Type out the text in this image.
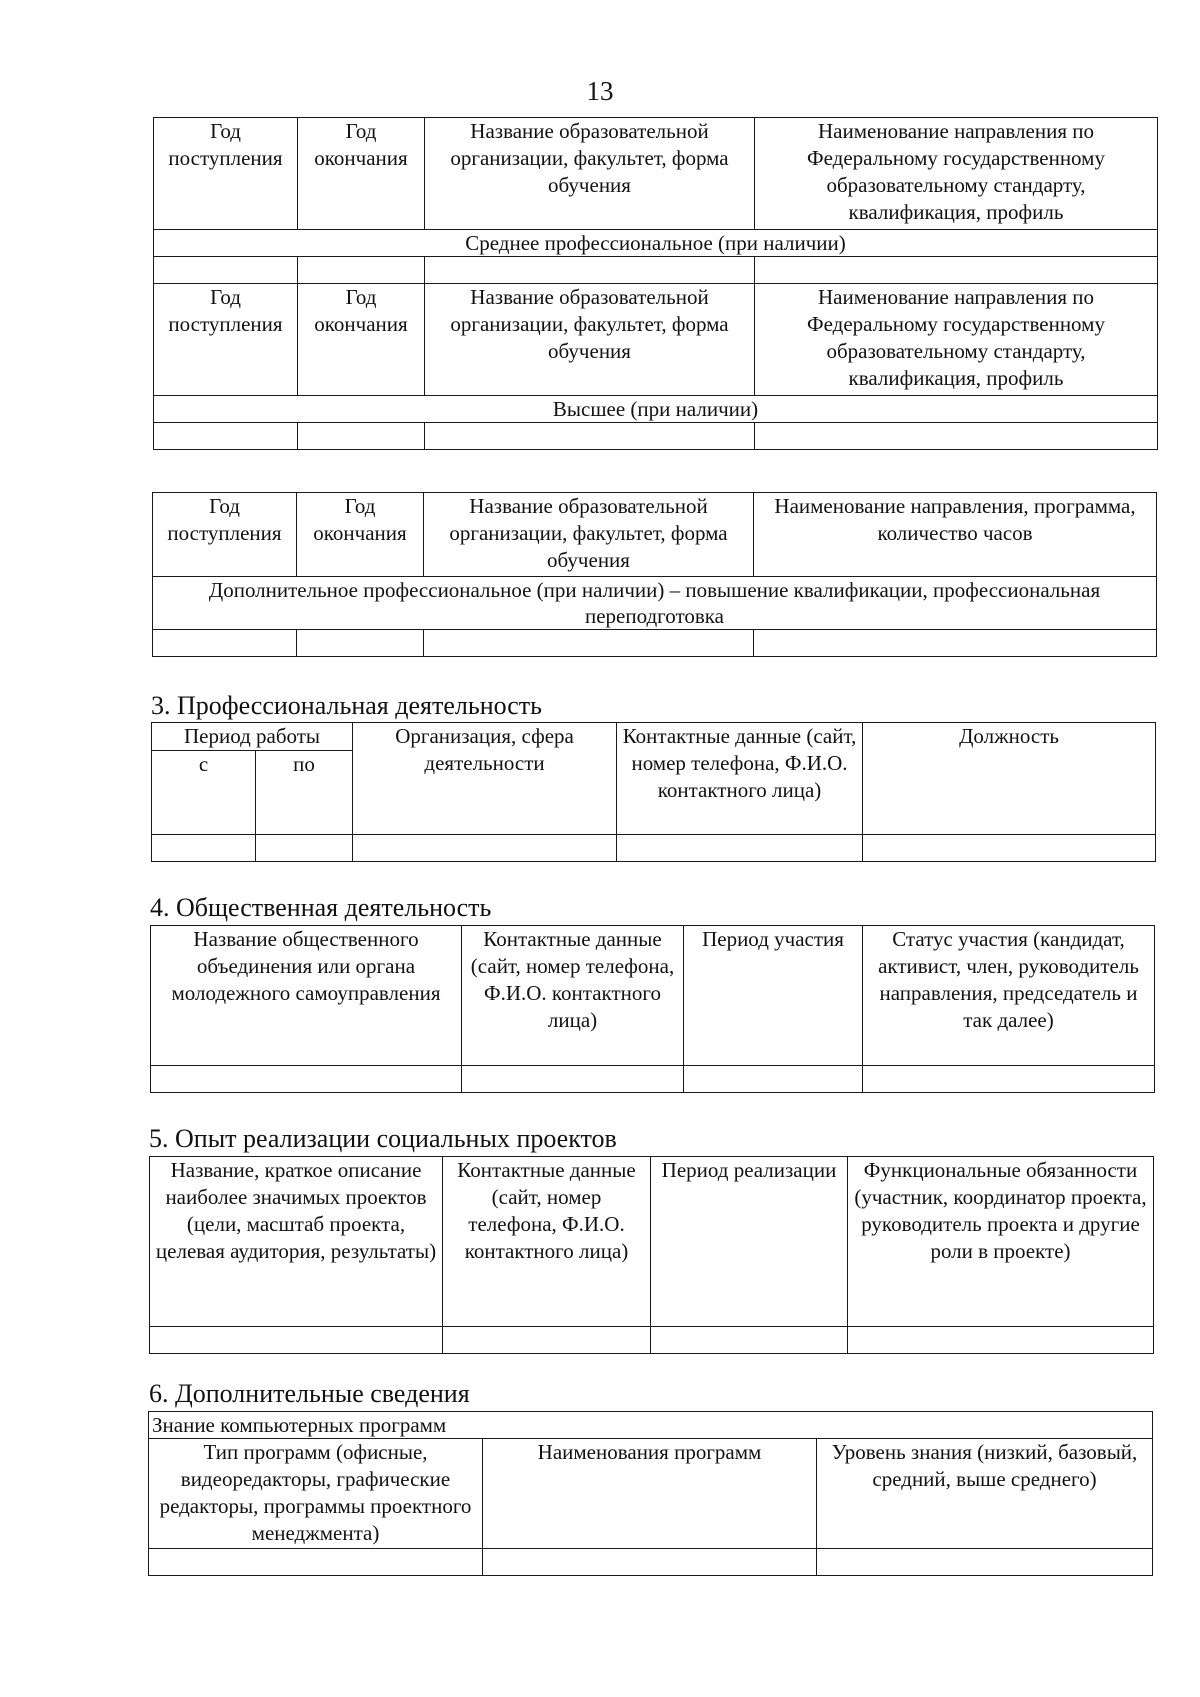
13
Год поступления	Год окончания	Название образовательной организации, факультет, форма обучения	Наименование направления по Федеральному государственному образовательному стандарту, квалификация, профиль
Среднее профессиональное (при наличии)			

Год поступления	Год окончания	Название образовательной организации, факультет, форма обучения	Наименование направления по Федеральному государственному образовательному стандарту, квалификация, профиль
Высшее (при наличии)			

Год поступления	Год окончания	Название образовательной организации, факультет, форма обучения	Наименование направления, программа, количество часов
Дополнительное профессиональное (при наличии) – повышение квалификации, профессиональная переподготовка			

3. Профессиональная деятельность
Период работы		Организация, сфера деятельности	Контактные данные (сайт, номер телефона, Ф.И.О. контактного лица)	Должность
с	по			

4. Общественная деятельность
Название общественного объединения или органа молодежного самоуправления	Контактные данные (сайт, номер телефона, Ф.И.О. контактного лица)	Период участия	Статус участия (кандидат, активист, член, руководитель направления, председатель и так далее)

5. Опыт реализации социальных проектов
Название, краткое описание наиболее значимых проектов (цели, масштаб проекта, целевая аудитория, результаты)	Контактные данные (сайт, номер телефона, Ф.И.О. контактного лица)	Период реализации	Функциональные обязанности (участник, координатор проекта, руководитель проекта и другие роли в проекте)

6. Дополнительные сведения
Знание компьютерных программ		
Тип программ (офисные, видеоредакторы, графические редакторы, программы проектного менеджмента)	Наименования программ	Уровень знания (низкий, базовый, средний, выше среднего)
